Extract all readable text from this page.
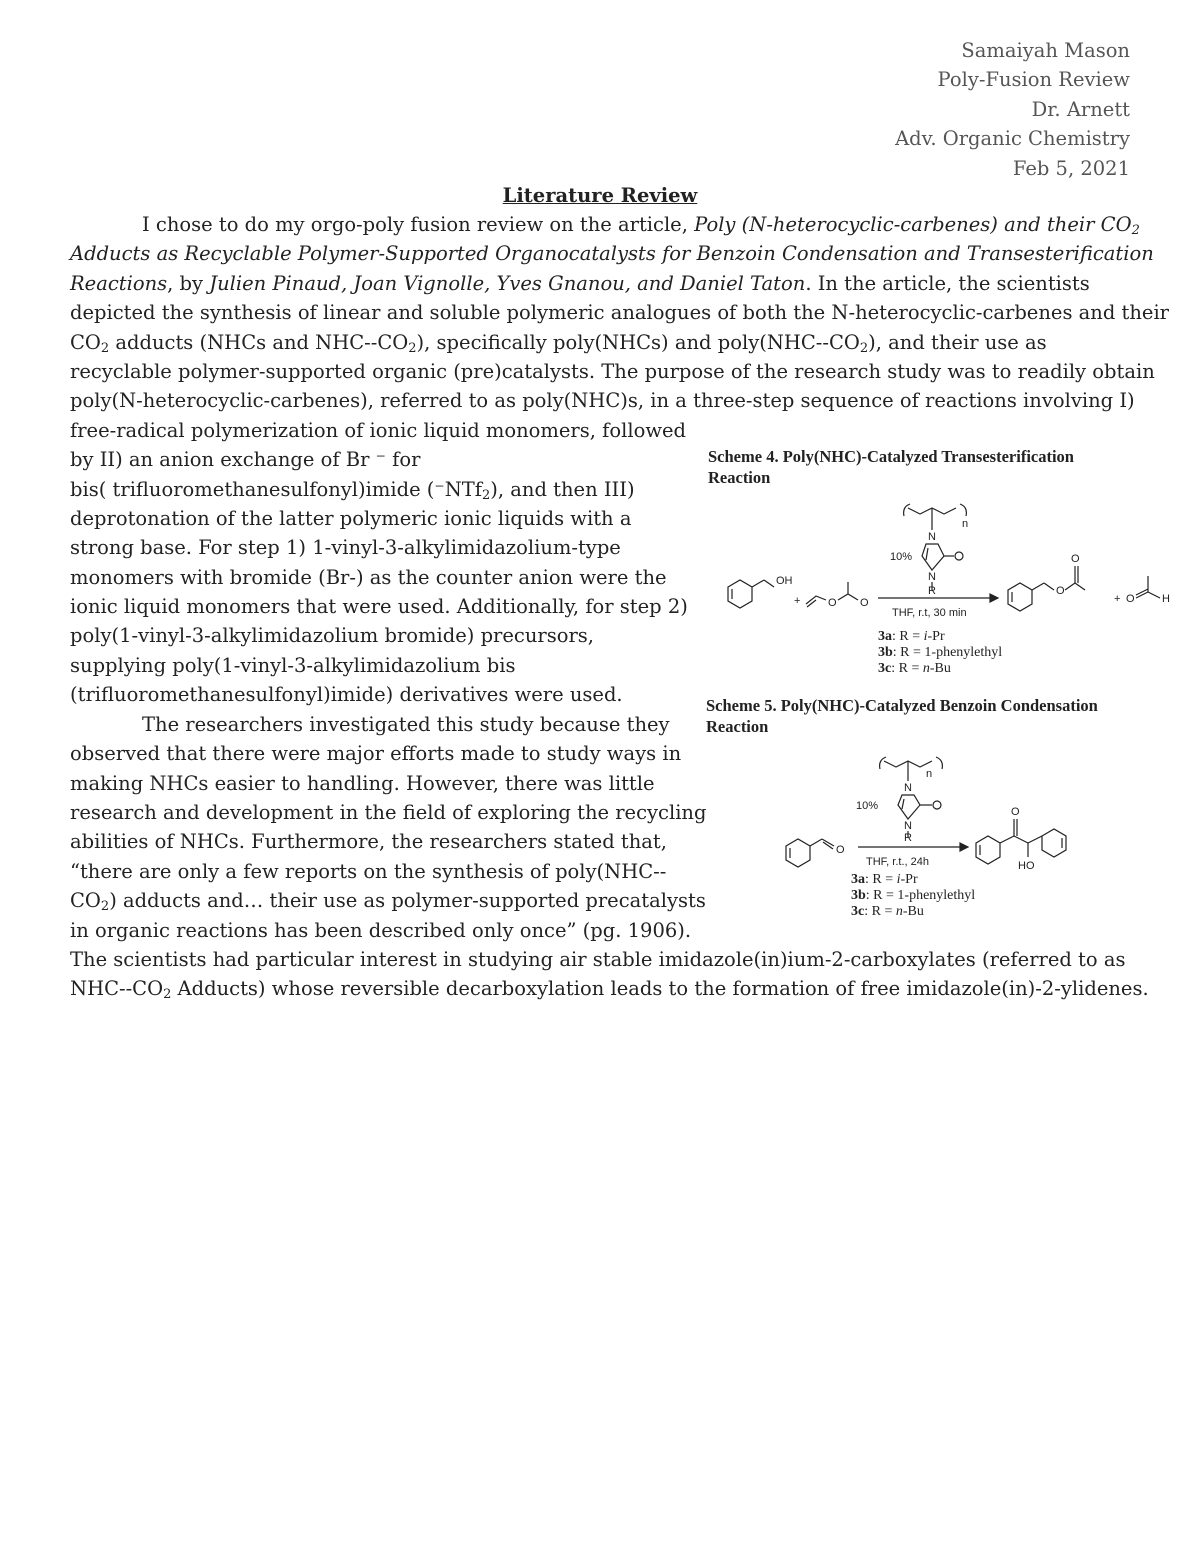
Samaiyah Mason
Poly-Fusion Review
Dr. Arnett
Adv. Organic Chemistry
Feb 5, 2021
Literature Review
I chose to do my orgo-poly fusion review on the article, Poly (N-heterocyclic-carbenes) and their $CO_2$
Adducts as Recyclable Polymer-Supported Organocatalysts for Benzoin Condensation and Transesterification
Reactions, by Julien Pinaud, Joan Vignolle, Yves Gnanou, and Daniel Taton. In the article, the scientists
depicted the synthesis of linear and soluble polymeric analogues of both the N-heterocyclic-carbenes and their
$CO_2$ adducts (NHCs and NHC-$-CO_2$), specifically poly(NHCs) and $poly(NHC--CO_2)$, and their use as
recyclable polymer-supported organic (pre)catalysts. The purpose of the research study was to readily obtain
poly(N-heterocyclic-carbenes), referred to as poly(NHC)s, in a three-step sequence of reactions involving I)
free-radical polymerization of ionic liquid monomers, followed
by II) an anion exchange of Br ⁻ for
bis( trifluoromethanesulfonyl)imide (⁻NTf$_2$), and then III)
deprotonation of the latter polymeric ionic liquids with a
strong base. For step 1) 1-vinyl-3-alkylimidazolium-type
monomers with bromide (Br-) as the counter anion were the
ionic liquid monomers that were used. Additionally, for step 2)
poly(1-vinyl-3-alkylimidazolium bromide) precursors,
supplying poly(1-vinyl-3-alkylimidazolium bis
(trifluoromethanesulfonyl)imide) derivatives were used.
The researchers investigated this study because they
observed that there were major efforts made to study ways in
making NHCs easier to handling. However, there was little
research and development in the field of exploring the recycling
abilities of NHCs. Furthermore, the researchers stated that,
“there are only a few reports on the synthesis of poly(NHC--
$CO_2$) adducts and… their use as polymer-supported precatalysts
in organic reactions has been described only once” (pg. 1906).
The scientists had particular interest in studying air stable imidazole(in)ium-2-carboxylates (referred to as
NHC-$-CO_2$ Adducts) whose reversible decarboxylation leads to the formation of free imidazole(in)-2-ylidenes.
Scheme 4. Poly(NHC)-Catalyzed Transesterification
Reaction
n
N
10%
N
OH
+	O O
R
THF, r.t, 30 min
O
O
+ O H
3a: R = i-Pr
3b: R = 1-phenylethyl
3c: R = n-Bu
Scheme 5. Poly(NHC)-Catalyzed Benzoin Condensation
Reaction
n
N
10%
N
R
O
THF, r.t., 24h
O
HO
3a: R = i-Pr
3b: R = 1-phenylethyl
3c: R = n-Bu
